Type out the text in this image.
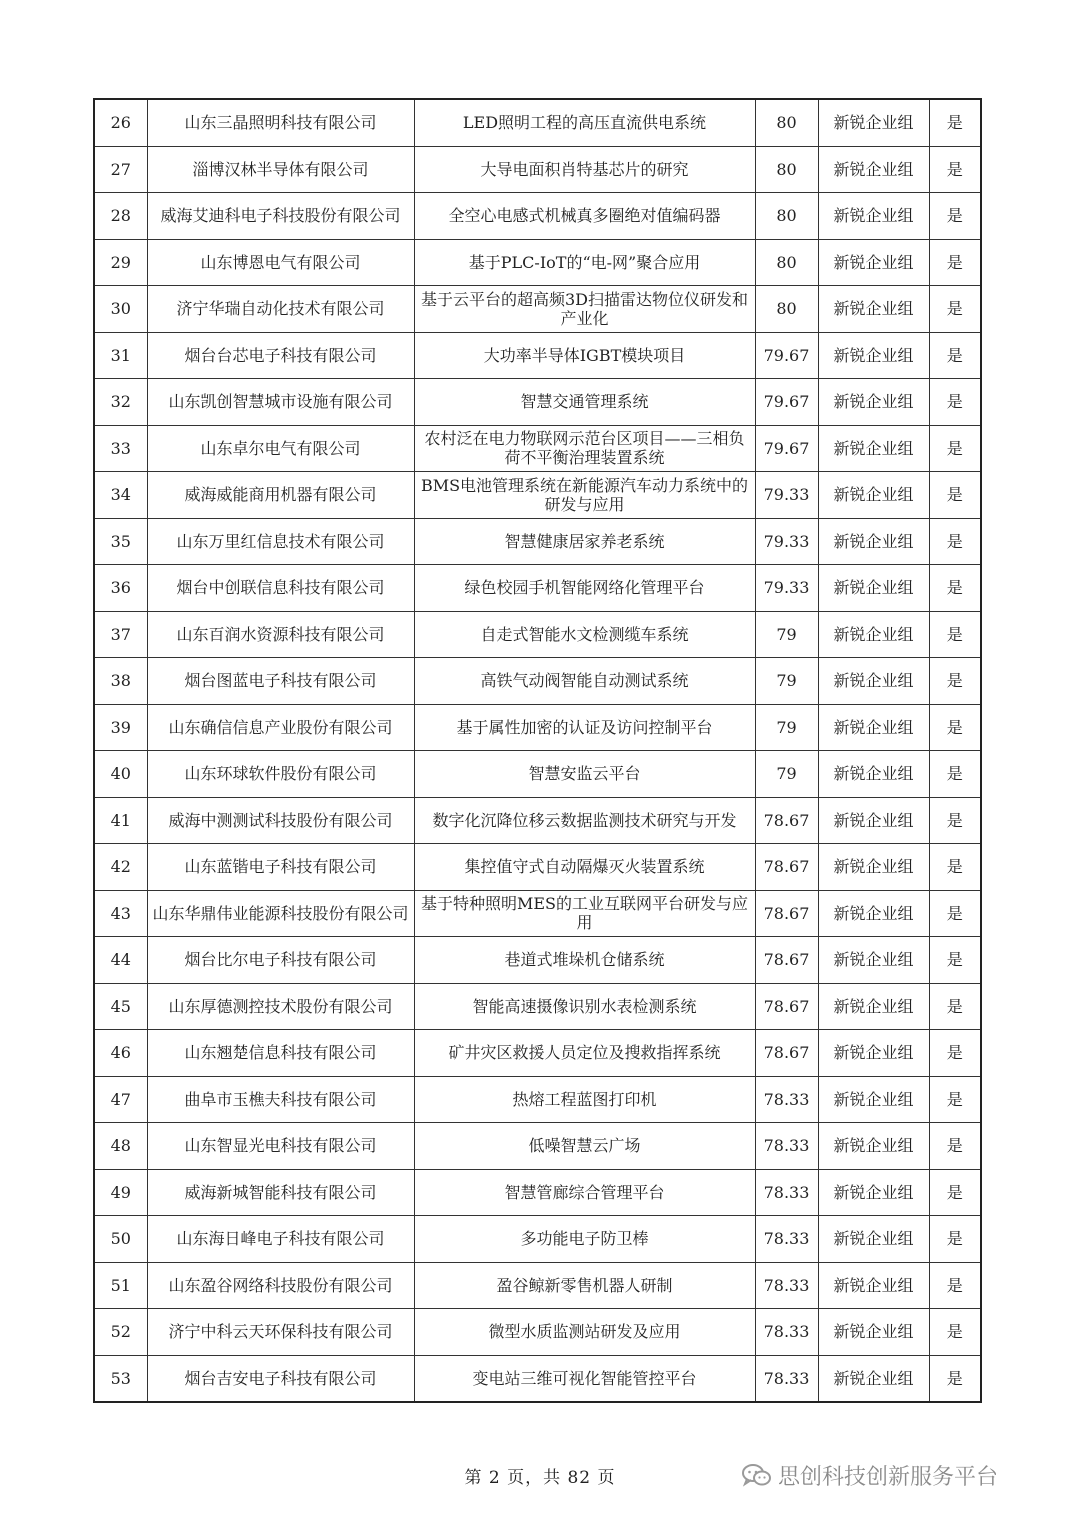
26	山东三晶照明科技有限公司	LED照明工程的高压直流供电系统	80	新锐企业组	是
27	淄博汉林半导体有限公司	大导电面积肖特基芯片的研究	80	新锐企业组	是
28	威海艾迪科电子科技股份有限公司	全空心电感式机械真多圈绝对值编码器	80	新锐企业组	是
29	山东博恩电气有限公司	基于PLC-IoT的“电-网”聚合应用	80	新锐企业组	是
30	济宁华瑞自动化技术有限公司	基于云平台的超高频3D扫描雷达物位仪研发和产业化	80	新锐企业组	是
31	烟台台芯电子科技有限公司	大功率半导体IGBT模块项目	79.67	新锐企业组	是
32	山东凯创智慧城市设施有限公司	智慧交通管理系统	79.67	新锐企业组	是
33	山东卓尔电气有限公司	农村泛在电力物联网示范台区项目——三相负荷不平衡治理装置系统	79.67	新锐企业组	是
34	威海威能商用机器有限公司	BMS电池管理系统在新能源汽车动力系统中的研发与应用	79.33	新锐企业组	是
35	山东万里红信息技术有限公司	智慧健康居家养老系统	79.33	新锐企业组	是
36	烟台中创联信息科技有限公司	绿色校园手机智能网络化管理平台	79.33	新锐企业组	是
37	山东百润水资源科技有限公司	自走式智能水文检测缆车系统	79	新锐企业组	是
38	烟台图蓝电子科技有限公司	高铁气动阀智能自动测试系统	79	新锐企业组	是
39	山东确信信息产业股份有限公司	基于属性加密的认证及访问控制平台	79	新锐企业组	是
40	山东环球软件股份有限公司	智慧安监云平台	79	新锐企业组	是
41	威海中测测试科技股份有限公司	数字化沉降位移云数据监测技术研究与开发	78.67	新锐企业组	是
42	山东蓝锴电子科技有限公司	集控值守式自动隔爆灭火装置系统	78.67	新锐企业组	是
43	山东华鼎伟业能源科技股份有限公司	基于特种照明MES的工业互联网平台研发与应用	78.67	新锐企业组	是
44	烟台比尔电子科技有限公司	巷道式堆垛机仓储系统	78.67	新锐企业组	是
45	山东厚德测控技术股份有限公司	智能高速摄像识别水表检测系统	78.67	新锐企业组	是
46	山东翘楚信息科技有限公司	矿井灾区救援人员定位及搜救指挥系统	78.67	新锐企业组	是
47	曲阜市玉樵夫科技有限公司	热熔工程蓝图打印机	78.33	新锐企业组	是
48	山东智显光电科技有限公司	低噪智慧云广场	78.33	新锐企业组	是
49	威海新城智能科技有限公司	智慧管廊综合管理平台	78.33	新锐企业组	是
50	山东海日峰电子科技有限公司	多功能电子防卫棒	78.33	新锐企业组	是
51	山东盈谷网络科技股份有限公司	盈谷鲸新零售机器人研制	78.33	新锐企业组	是
52	济宁中科云天环保科技有限公司	微型水质监测站研发及应用	78.33	新锐企业组	是
53	烟台吉安电子科技有限公司	变电站三维可视化智能管控平台	78.33	新锐企业组	是
第 2 页，共 82 页	思创科技创新服务平台
